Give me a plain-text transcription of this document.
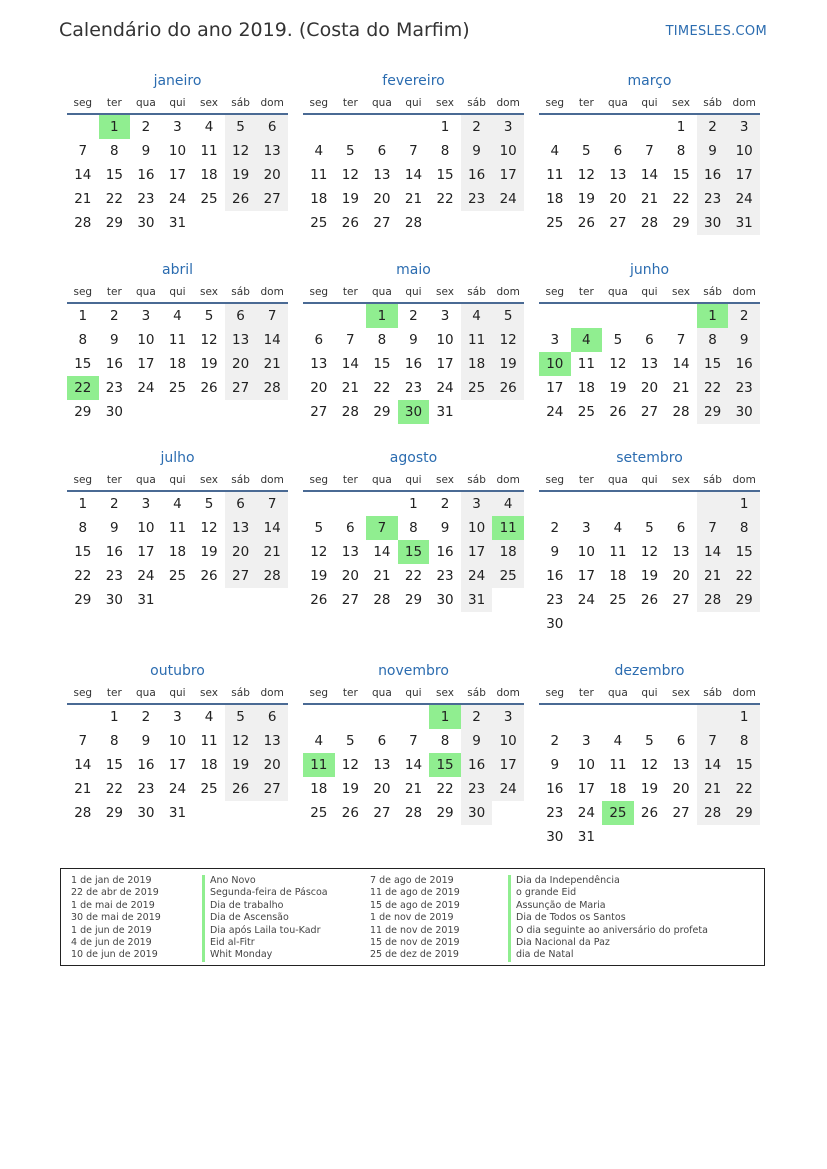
Calendário do ano 2019. (Costa do Marfim)	TIMESLES.COM
janeiro
seg	ter	qua	qui	sex	sáb	dom
	1	2	3	4	5	6
7	8	9	10	11	12	13
14	15	16	17	18	19	20
21	22	23	24	25	26	27
28	29	30	31			
fevereiro
seg	ter	qua	qui	sex	sáb	dom
				1	2	3
4	5	6	7	8	9	10
11	12	13	14	15	16	17
18	19	20	21	22	23	24
25	26	27	28			
março
seg	ter	qua	qui	sex	sáb	dom
				1	2	3
4	5	6	7	8	9	10
11	12	13	14	15	16	17
18	19	20	21	22	23	24
25	26	27	28	29	30	31
abril
seg	ter	qua	qui	sex	sáb	dom
1	2	3	4	5	6	7
8	9	10	11	12	13	14
15	16	17	18	19	20	21
22	23	24	25	26	27	28
29	30					
maio
seg	ter	qua	qui	sex	sáb	dom
		1	2	3	4	5
6	7	8	9	10	11	12
13	14	15	16	17	18	19
20	21	22	23	24	25	26
27	28	29	30	31		
junho
seg	ter	qua	qui	sex	sáb	dom
					1	2
3	4	5	6	7	8	9
10	11	12	13	14	15	16
17	18	19	20	21	22	23
24	25	26	27	28	29	30
julho
seg	ter	qua	qui	sex	sáb	dom
1	2	3	4	5	6	7
8	9	10	11	12	13	14
15	16	17	18	19	20	21
22	23	24	25	26	27	28
29	30	31				
agosto
seg	ter	qua	qui	sex	sáb	dom
			1	2	3	4
5	6	7	8	9	10	11
12	13	14	15	16	17	18
19	20	21	22	23	24	25
26	27	28	29	30	31	
setembro
seg	ter	qua	qui	sex	sáb	dom
						1
2	3	4	5	6	7	8
9	10	11	12	13	14	15
16	17	18	19	20	21	22
23	24	25	26	27	28	29
30						
outubro
seg	ter	qua	qui	sex	sáb	dom
	1	2	3	4	5	6
7	8	9	10	11	12	13
14	15	16	17	18	19	20
21	22	23	24	25	26	27
28	29	30	31			
novembro
seg	ter	qua	qui	sex	sáb	dom
				1	2	3
4	5	6	7	8	9	10
11	12	13	14	15	16	17
18	19	20	21	22	23	24
25	26	27	28	29	30	
dezembro
seg	ter	qua	qui	sex	sáb	dom
						1
2	3	4	5	6	7	8
9	10	11	12	13	14	15
16	17	18	19	20	21	22
23	24	25	26	27	28	29
30	31					
1 de jan de 2019	Ano Novo
22 de abr de 2019	Segunda-feira de Páscoa
1 de mai de 2019	Dia de trabalho
30 de mai de 2019	Dia de Ascensão
1 de jun de 2019	Dia após Laila tou-Kadr
4 de jun de 2019	Eid al-Fitr
10 de jun de 2019	Whit Monday
7 de ago de 2019	Dia da Independência
11 de ago de 2019	o grande Eid
15 de ago de 2019	Assunção de Maria
1 de nov de 2019	Dia de Todos os Santos
11 de nov de 2019	O dia seguinte ao aniversário do profeta
15 de nov de 2019	Dia Nacional da Paz
25 de dez de 2019	dia de Natal
